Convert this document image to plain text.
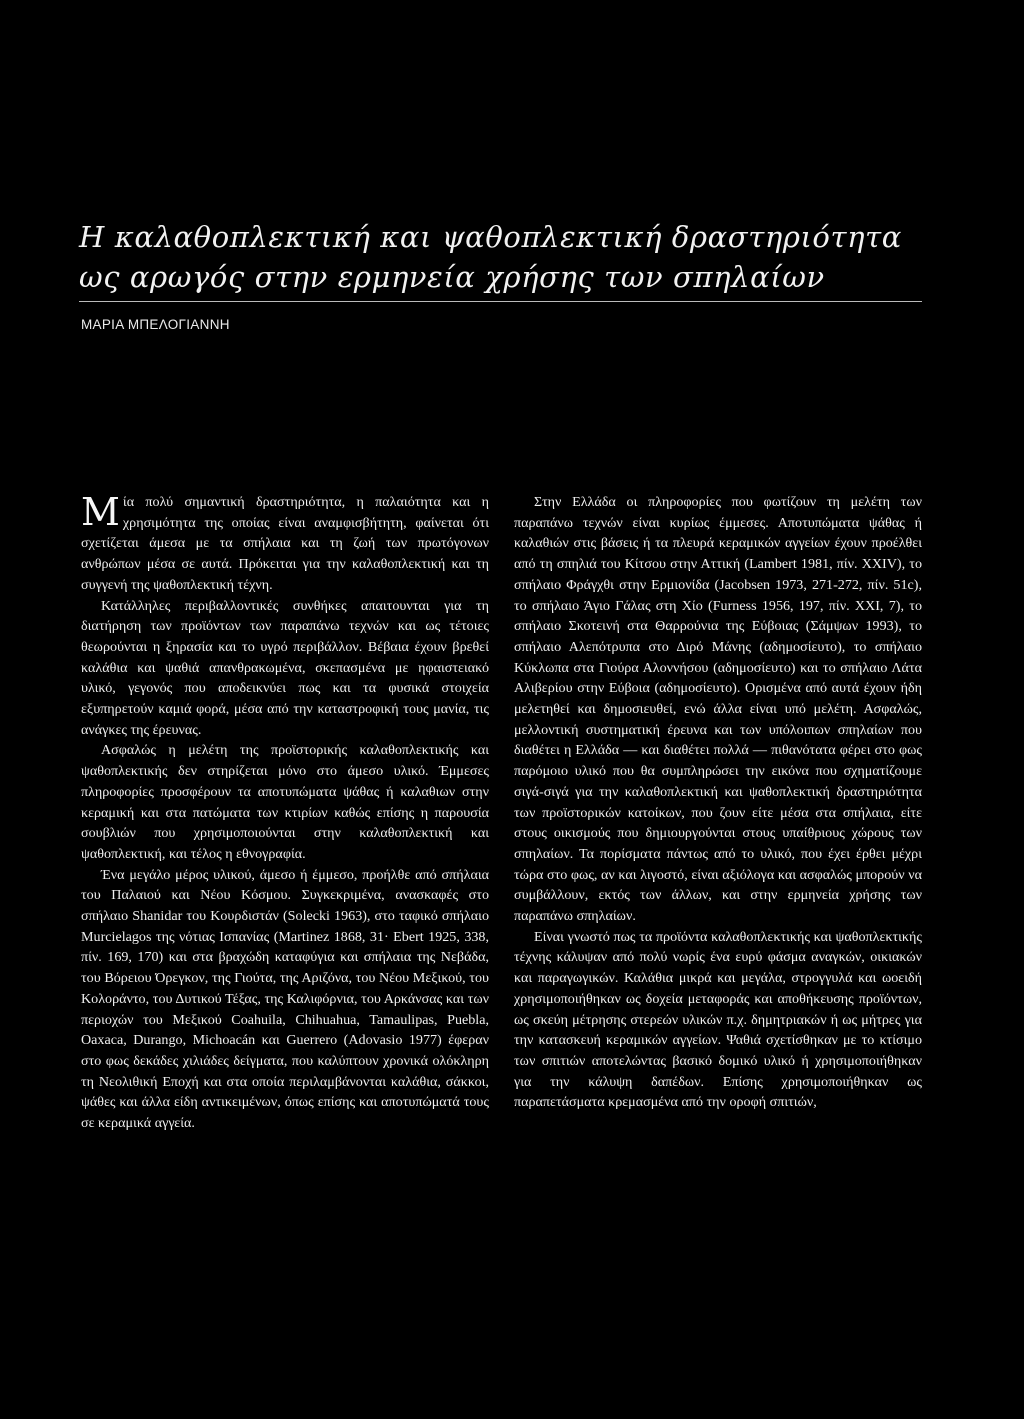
Η καλαθοπλεκτική και ψαθοπλεκτική δραστηριότητα
ως αρωγός στην ερμηνεία χρήσης των σπηλαίων
ΜΑΡΙΑ ΜΠΕΛΟΓΙΑΝΝΗ

Μία πολύ σημαντική δραστηριότητα, η παλαιότητα και η χρησιμότητα της οποίας είναι αναμφισβήτητη, φαίνεται ότι σχετίζεται άμεσα με τα σπήλαια και τη ζωή των πρωτόγονων ανθρώπων μέσα σε αυτά. Πρόκειται για την καλαθοπλεκτική και τη συγγενή της ψαθοπλεκτική τέχνη.

Κατάλληλες περιβαλλοντικές συνθήκες απαιτουνται για τη διατήρηση των προϊόντων των παραπάνω τεχνών και ως τέτοιες θεωρούνται η ξηρασία και το υγρό περιβάλλον. Βέβαια έχουν βρεθεί καλάθια και ψαθιά απανθρακωμένα, σκεπασμένα με ηφαιστειακό υλικό, γεγονός που αποδεικνύει πως και τα φυσικά στοιχεία εξυπηρετούν καμιά φορά, μέσα από την καταστροφική τους μανία, τις ανάγκες της έρευνας.

Ασφαλώς η μελέτη της προϊστορικής καλαθοπλεκτικής και ψαθοπλεκτικής δεν στηρίζεται μόνο στο άμεσο υλικό. Έμμεσες πληροφορίες προσφέρουν τα αποτυπώματα ψάθας ή καλαθιων στην κεραμική και στα πατώματα των κτιρίων καθώς επίσης η παρουσία σουβλιών που χρησιμοποιούνται στην καλαθοπλεκτική και ψαθοπλεκτική, και τέλος η εθνογραφία.

Ένα μεγάλο μέρος υλικού, άμεσο ή έμμεσο, προήλθε από σπήλαια του Παλαιού και Νέου Κόσμου. Συγκεκριμένα, ανασκαφές στο σπήλαιο Shanidar του Κουρδιστάν (Solecki 1963), στο ταφικό σπήλαιο Murcielagos της νότιας Ισπανίας (Martinez 1868, 31· Ebert 1925, 338, πίν. 169, 170) και στα βραχώδη καταφύγια και σπήλαια της Νεβάδα, του Βόρειου Όρεγκον, της Γιούτα, της Αριζόνα, του Νέου Μεξικού, του Κολοράντο, του Δυτικού Τέξας, της Καλιφόρνια, του Αρκάνσας και των περιοχών του Μεξικού Coahuila, Chihuahua, Tamaulipas, Puebla, Oaxaca, Durango, Michoacán και Guerrero (Adovasio 1977) έφεραν στο φως δεκάδες χιλιάδες δείγματα, που καλύπτουν χρονικά ολόκληρη τη Νεολιθική Εποχή και στα οποία περιλαμβάνονται καλάθια, σάκκοι, ψάθες και άλλα είδη αντικειμένων, όπως επίσης και αποτυπώματά τους σε κεραμικά αγγεία.

Στην Ελλάδα οι πληροφορίες που φωτίζουν τη μελέτη των παραπάνω τεχνών είναι κυρίως έμμεσες. Αποτυπώματα ψάθας ή καλαθιών στις βάσεις ή τα πλευρά κεραμικών αγγείων έχουν προέλθει από τη σπηλιά του Κίτσου στην Αττική (Lambert 1981, πίν. XXIV), το σπήλαιο Φράγχθι στην Ερμιονίδα (Jacobsen 1973, 271-272, πίν. 51c), το σπήλαιο Άγιο Γάλας στη Χίο (Furness 1956, 197, πίν. XXI, 7), το σπήλαιο Σκοτεινή στα Θαρρούνια της Εύβοιας (Σάμψων 1993), το σπήλαιο Αλεπότρυπα στο Διρό Μάνης (αδημοσίευτο), το σπήλαιο Κύκλωπα στα Γιούρα Αλοννήσου (αδημοσίευτο) και το σπήλαιο Λάτα Αλιβερίου στην Εύβοια (αδημοσίευτο). Ορισμένα από αυτά έχουν ήδη μελετηθεί και δημοσιευθεί, ενώ άλλα είναι υπό μελέτη. Ασφαλώς, μελλοντική συστηματική έρευνα και των υπόλοιπων σπηλαίων που διαθέτει η Ελλάδα — και διαθέτει πολλά — πιθανότατα φέρει στο φως παρόμοιο υλικό που θα συμπληρώσει την εικόνα που σχηματίζουμε σιγά-σιγά για την καλαθοπλεκτική και ψαθοπλεκτική δραστηριότητα των προϊστορικών κατοίκων, που ζουν είτε μέσα στα σπήλαια, είτε στους οικισμούς που δημιουργούνται στους υπαίθριους χώρους των σπηλαίων. Τα πορίσματα πάντως από το υλικό, που έχει έρθει μέχρι τώρα στο φως, αν και λιγοστό, είναι αξιόλογα και ασφαλώς μπορούν να συμβάλλουν, εκτός των άλλων, και στην ερμηνεία χρήσης των παραπάνω σπηλαίων.

Είναι γνωστό πως τα προϊόντα καλαθοπλεκτικής και ψαθοπλεκτικής τέχνης κάλυψαν από πολύ νωρίς ένα ευρύ φάσμα αναγκών, οικιακών και παραγωγικών. Καλάθια μικρά και μεγάλα, στρογγυλά και ωοειδή χρησιμοποιήθηκαν ως δοχεία μεταφοράς και αποθήκευσης προϊόντων, ως σκεύη μέτρησης στερεών υλικών π.χ. δημητριακών ή ως μήτρες για την κατασκευή κεραμικών αγγείων. Ψαθιά σχετίσθηκαν με το κτίσιμο των σπιτιών αποτελώντας βασικό δομικό υλικό ή χρησιμοποιήθηκαν για την κάλυψη δαπέδων. Επίσης χρησιμοποιήθηκαν ως παραπετάσματα κρεμασμένα από την οροφή σπιτιών,
